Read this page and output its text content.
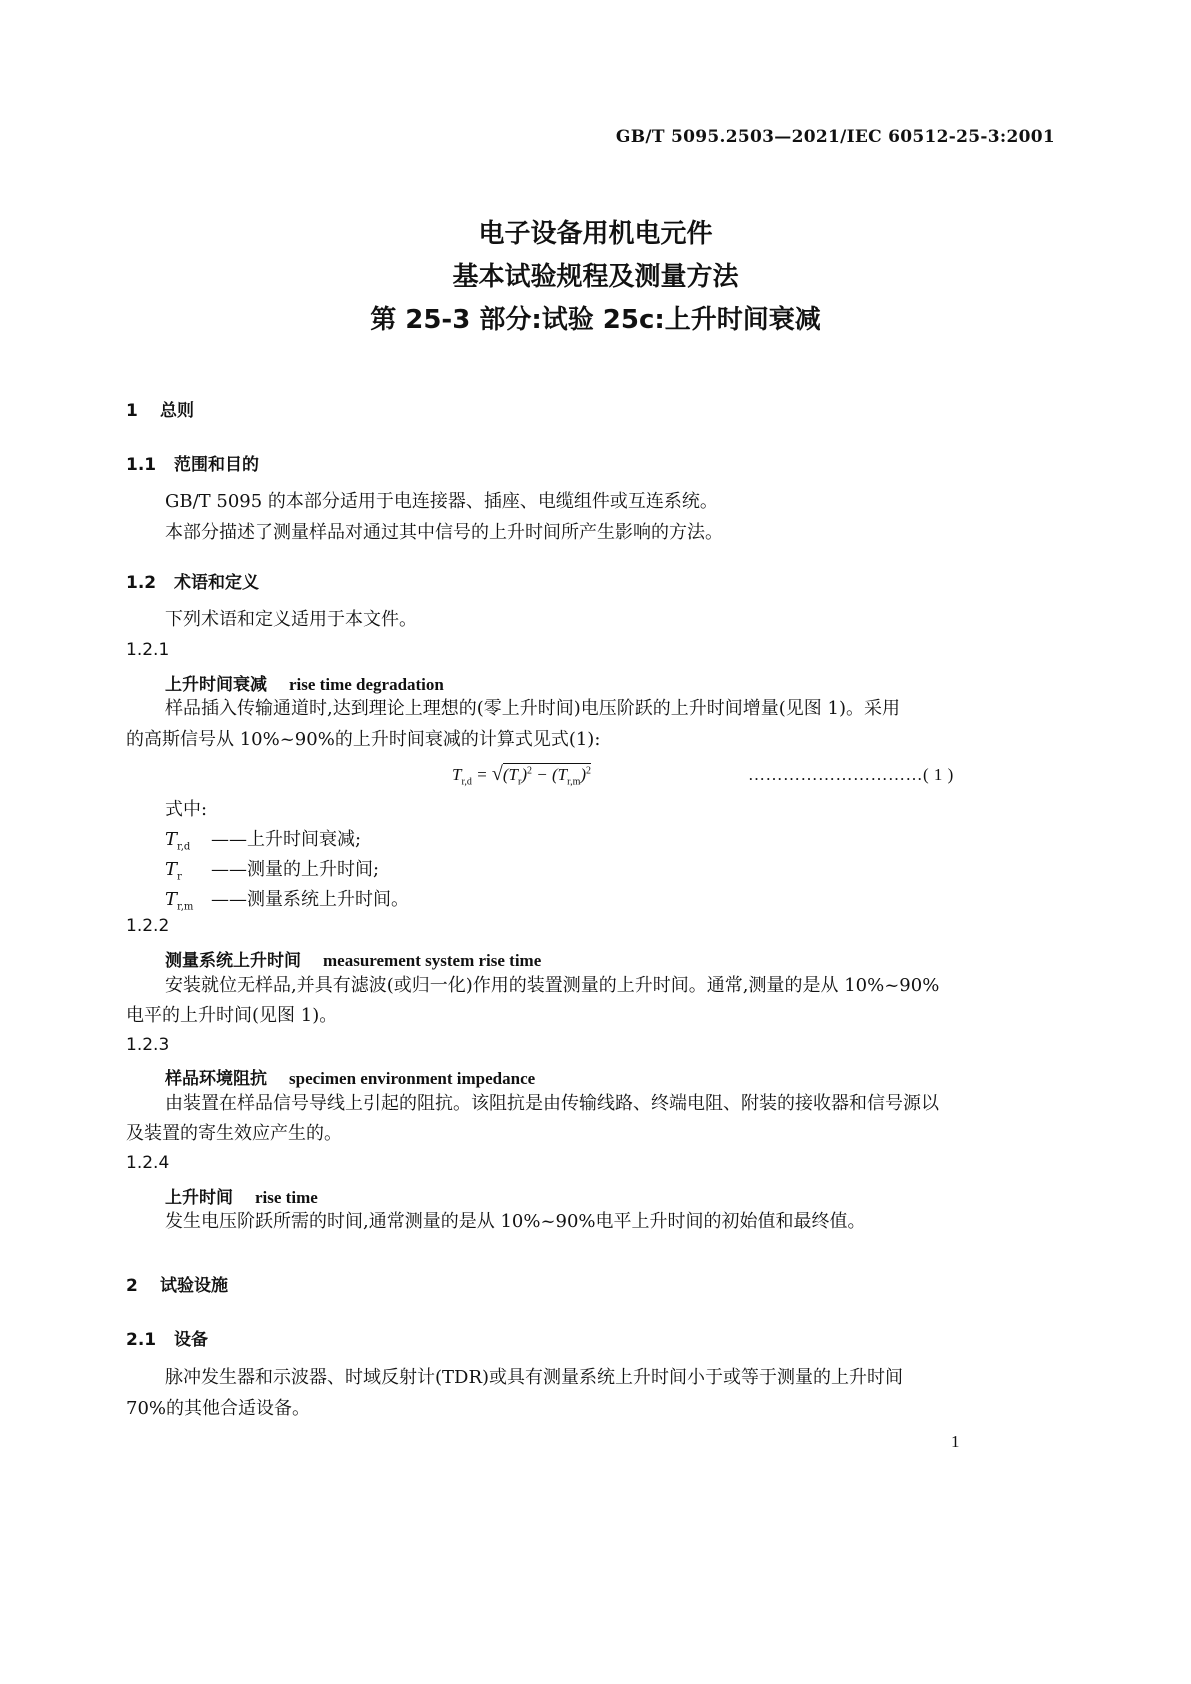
GB/T 5095.2503—2021/IEC 60512-25-3:2001
电子设备用机电元件
基本试验规程及测量方法
第 25-3 部分:试验 25c:上升时间衰减
1 总则
1.1 范围和目的
GB/T 5095 的本部分适用于电连接器、插座、电缆组件或互连系统。
本部分描述了测量样品对通过其中信号的上升时间所产生影响的方法。
1.2 术语和定义
下列术语和定义适用于本文件。
1.2.1
上升时间衰减 rise time degradation
样品插入传输通道时,达到理论上理想的(零上升时间)电压阶跃的上升时间增量(见图 1)。采用
的高斯信号从 10%~90%的上升时间衰减的计算式见式(1):
$T_{r,d} = √(T_r)^2 - (T_{r,m})^2$	…………………………( 1 )
式中:
$T_{r,d}$ ——上升时间衰减;
$T_r$ ——测量的上升时间;
$T_{r,m}$ ——测量系统上升时间。
1.2.2
测量系统上升时间 measurement system rise time
安装就位无样品,并具有滤波(或归一化)作用的装置测量的上升时间。通常,测量的是从 10%~90%
电平的上升时间(见图 1)。
1.2.3
样品环境阻抗 specimen environment impedance
由装置在样品信号导线上引起的阻抗。该阻抗是由传输线路、终端电阻、附装的接收器和信号源以
及装置的寄生效应产生的。
1.2.4
上升时间 rise time
发生电压阶跃所需的时间,通常测量的是从 10%~90%电平上升时间的初始值和最终值。
2 试验设施
2.1 设备
脉冲发生器和示波器、时域反射计(TDR)或具有测量系统上升时间小于或等于测量的上升时间
70%的其他合适设备。
1
